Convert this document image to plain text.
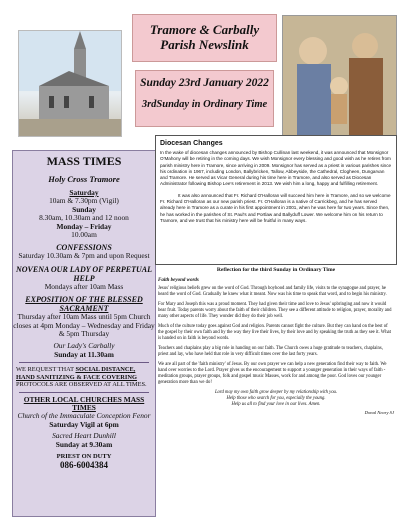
Tramore & Carbally
Parish Newslink
Sunday 23rd January 2022
3rdSunday in Ordinary Time
MASS TIMES
Holy Cross Tramore
Saturday
10am & 7.30pm (Vigil)
Sunday
8.30am, 10.30am and 12 noon
Monday – Friday
10.00am
CONFESSIONS
Saturday 10.30am & 7pm and upon Request
NOVENA OUR LADY OF PERPETUAL HELP
Mondays after 10am Mass
EXPOSITION OF THE BLESSED SACRAMENT
Thursday after 10am Mass until 5pm Church closes at 4pm Monday – Wednesday and Friday & 5pm Thursday
Our Lady's Carbally
Sunday at 11.30am
WE REQUEST THAT SOCIAL DISTANCE, HAND SANITIZING & FACE COVERING PROTOCOLS ARE OBSERVED AT ALL TIMES.
OTHER LOCAL CHURCHES MASS TIMES
Church of the Immaculate Conception Fenor
Saturday Vigil at 6pm
Sacred Heart Dunhill
Sunday at 9.30am
PRIEST ON DUTY
086-6004384
Diocesan Changes
In the wake of diocesan changes announced by Bishop Cullinan last weekend, it was announced that Monsignor O'Mahony will be retiring in the coming days. We wish Monsignor every blessing and good wish as he retires from parish ministry here in Tramore, since arriving in 2009. Monsignor has served as a priest in various parishes since his ordination in 1967, including London, Ballybricken, Tallow, Abbeyside, the Cathedral, Clogheen, Dungarvan and Tramore. He served as Vicar General during his time here in Tramore, and also served as Diocesan Administrator following Bishop Lee's retirement in 2013. We wish him a long, happy and fulfilling retirement.
It was also announced that Fr. Richard O'Halloran will succeed him here in Tramore, and so we welcome Fr. Richard O'Halloran as our new parish priest. Fr. O'Halloran is a native of Carrickbeg, and he has served already here in Tramore as a curate in his first appointment in 2001, when he was here for two years. Since then, he has worked in the parishes of St. Paul's and Portlaw and Ballyduff Lower. We welcome him on his return to Tramore, and we trust that his ministry here will be fruitful in many ways.
Reflection for the third Sunday in Ordinary Time
Faith beyond words
Jesus' religious beliefs grew on the word of God. Through boyhood and family life, visits to the synagogue and prayer, he heard the word of God. Gradually he knew what it meant. Now was his time to speak that word, and to begin his ministry.
For Mary and Joseph this was a proud moment. They had given their time and love to Jesus' upbringing and now it would bear fruit. Today parents worry about the faith of their children. They see a different attitude to religion, prayer, morality and many other aspects of life. They wonder did they do their job well.
Much of the culture today goes against God and religion. Parents cannot fight the culture. But they can hand on the best of the gospel by their own faith and by the way they live their lives, by their love and by speaking the truth as they see it. What is handed on in faith is beyond words.
Teachers and chaplains play a big role in handing on our faith. The Church owes a huge gratitude to teachers, chaplains, priest and lay, who have held that role in very difficult times over the last forty years.
We are all part of the 'faith ministry' of Jesus. By our own prayer we can help a new generation find their way to faith. We hand over worries to the Lord. Prayer gives us the encouragement to support a younger generation in their ways of faith - meditation groups, prayer groups, folk and gospel music Masses, work for and among the poor. God loves our younger generation more than we do!
Lord may my own faith grow deeper by my relationship with you.
Help those who search for you, especially the young.
Help us all to find your love in our lives. Amen.
Donal Neary SJ
